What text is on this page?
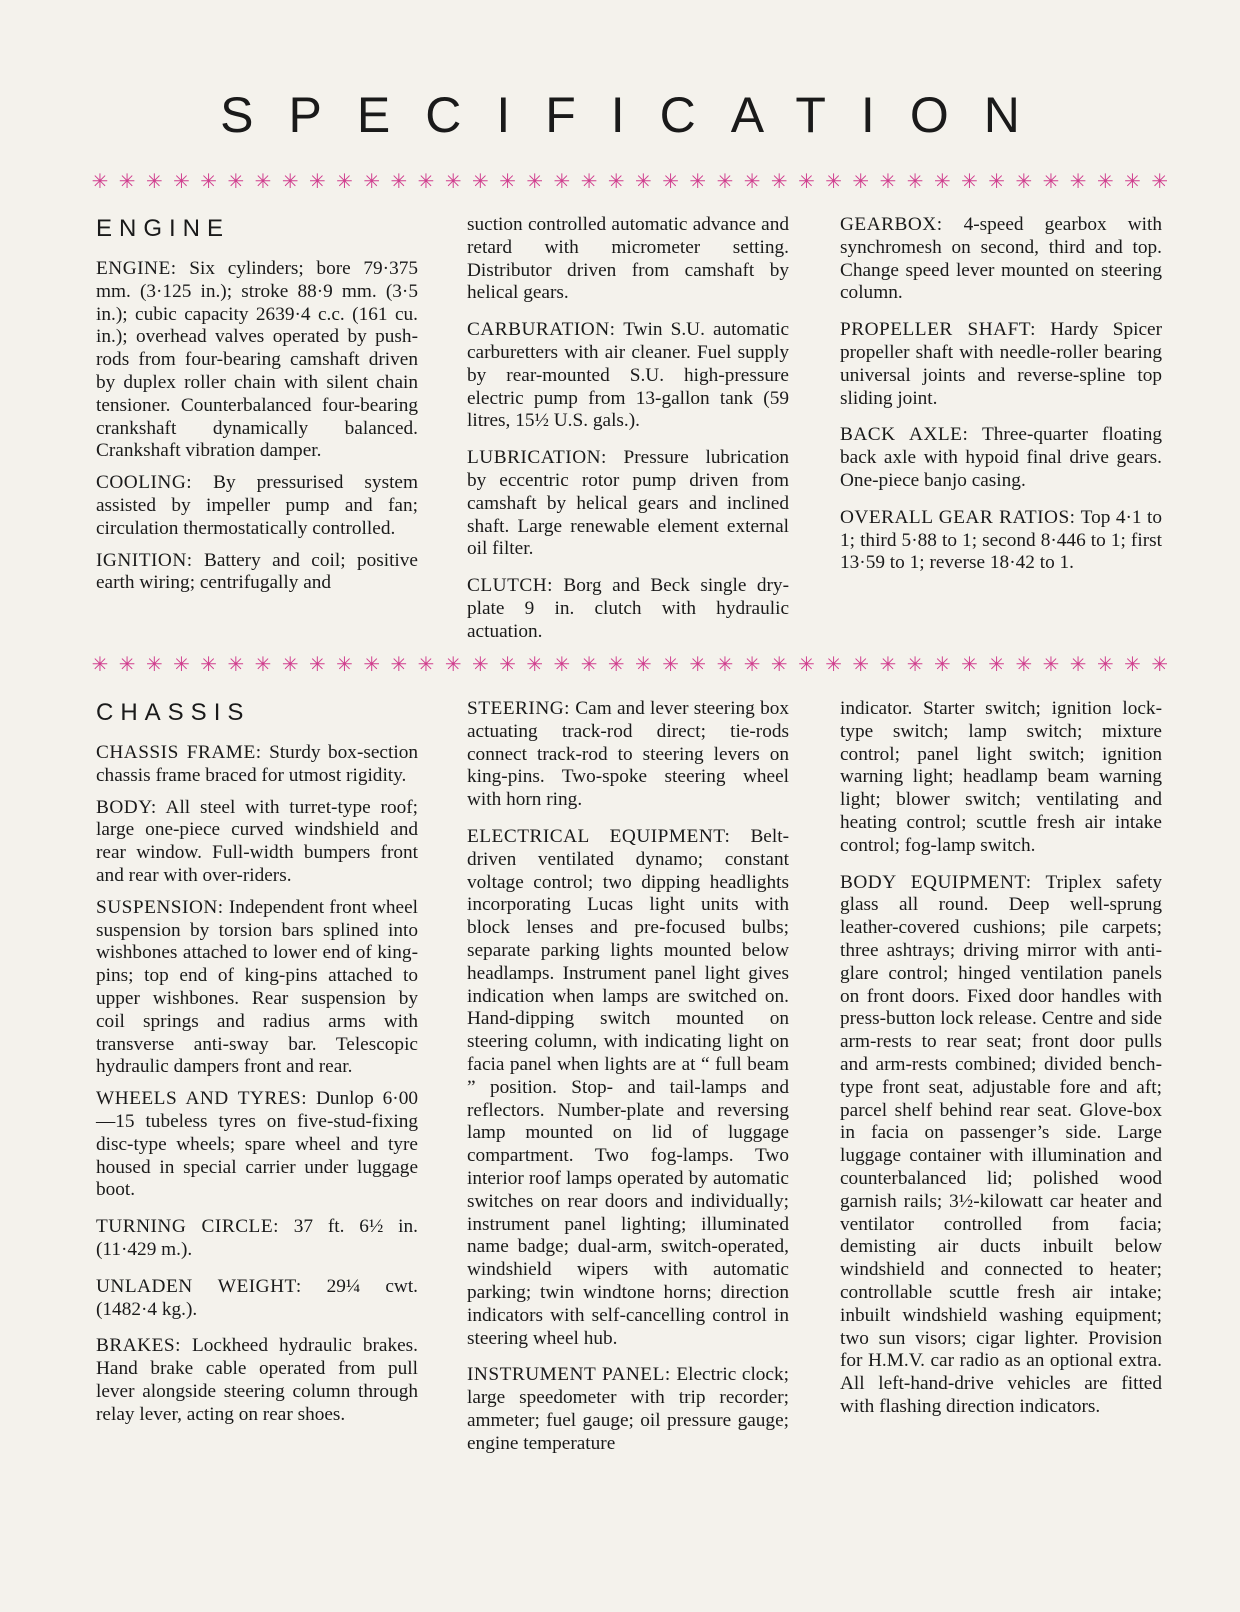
SPECIFICATION
✳ ✳ ✳ ✳ ✳ ✳ ✳ ✳ ✳ ✳ ✳ ✳ ✳ ✳ ✳ ✳ ✳ ✳ ✳ ✳ ✳ ✳ ✳ ✳ ✳ ✳ ✳ ✳ ✳ ✳ ✳ ✳ ✳ ✳ ✳ ✳ ✳ ✳ ✳ ✳
ENGINE

ENGINE: Six cylinders; bore 79·375 mm. (3·125 in.); stroke 88·9 mm. (3·5 in.); cubic capacity 2639·4 c.c. (161 cu. in.); overhead valves operated by push-rods from four-bearing camshaft driven by duplex roller chain with silent chain tensioner. Counterbalanced four-bearing crankshaft dynamically balanced. Crankshaft vibration damper.

COOLING: By pressurised system assisted by impeller pump and fan; circulation thermostatically controlled.

IGNITION: Battery and coil; positive earth wiring; centrifugally and

suction controlled automatic advance and retard with micrometer setting. Distributor driven from camshaft by helical gears.

CARBURATION: Twin S.U. automatic carburetters with air cleaner. Fuel supply by rear-mounted S.U. high-pressure electric pump from 13-gallon tank (59 litres, 15½ U.S. gals.).

LUBRICATION: Pressure lubrication by eccentric rotor pump driven from camshaft by helical gears and inclined shaft. Large renewable element external oil filter.

CLUTCH: Borg and Beck single dry-plate 9 in. clutch with hydraulic actuation.

GEARBOX: 4-speed gearbox with synchromesh on second, third and top. Change speed lever mounted on steering column.

PROPELLER SHAFT: Hardy Spicer propeller shaft with needle-roller bearing universal joints and reverse-spline top sliding joint.

BACK AXLE: Three-quarter floating back axle with hypoid final drive gears. One-piece banjo casing.

OVERALL GEAR RATIOS: Top 4·1 to 1; third 5·88 to 1; second 8·446 to 1; first 13·59 to 1; reverse 18·42 to 1.

✳ ✳ ✳ ✳ ✳ ✳ ✳ ✳ ✳ ✳ ✳ ✳ ✳ ✳ ✳ ✳ ✳ ✳ ✳ ✳ ✳ ✳ ✳ ✳ ✳ ✳ ✳ ✳ ✳ ✳ ✳ ✳ ✳ ✳ ✳ ✳ ✳ ✳ ✳ ✳
CHASSIS

CHASSIS FRAME: Sturdy box-section chassis frame braced for utmost rigidity.

BODY: All steel with turret-type roof; large one-piece curved windshield and rear window. Full-width bumpers front and rear with over-riders.

SUSPENSION: Independent front wheel suspension by torsion bars splined into wishbones attached to lower end of king-pins; top end of king-pins attached to upper wishbones. Rear suspension by coil springs and radius arms with transverse anti-sway bar. Telescopic hydraulic dampers front and rear.

WHEELS AND TYRES: Dunlop 6·00—15 tubeless tyres on five-stud-fixing disc-type wheels; spare wheel and tyre housed in special carrier under luggage boot.

TURNING CIRCLE: 37 ft. 6½ in. (11·429 m.).

UNLADEN WEIGHT: 29¼ cwt. (1482·4 kg.).

BRAKES: Lockheed hydraulic brakes. Hand brake cable operated from pull lever alongside steering column through relay lever, acting on rear shoes.

STEERING: Cam and lever steering box actuating track-rod direct; tie-rods connect track-rod to steering levers on king-pins. Two-spoke steering wheel with horn ring.

ELECTRICAL EQUIPMENT: Belt-driven ventilated dynamo; constant voltage control; two dipping headlights incorporating Lucas light units with block lenses and pre-focused bulbs; separate parking lights mounted below headlamps. Instrument panel light gives indication when lamps are switched on. Hand-dipping switch mounted on steering column, with indicating light on facia panel when lights are at “ full beam ” position. Stop- and tail-lamps and reflectors. Number-plate and reversing lamp mounted on lid of luggage compartment. Two fog-lamps. Two interior roof lamps operated by automatic switches on rear doors and individually; instrument panel lighting; illuminated name badge; dual-arm, switch-operated, windshield wipers with automatic parking; twin windtone horns; direction indicators with self-cancelling control in steering wheel hub.

INSTRUMENT PANEL: Electric clock; large speedometer with trip recorder; ammeter; fuel gauge; oil pressure gauge; engine temperature

indicator. Starter switch; ignition lock-type switch; lamp switch; mixture control; panel light switch; ignition warning light; headlamp beam warning light; blower switch; ventilating and heating control; scuttle fresh air intake control; fog-lamp switch.

BODY EQUIPMENT: Triplex safety glass all round. Deep well-sprung leather-covered cushions; pile carpets; three ashtrays; driving mirror with anti-glare control; hinged ventilation panels on front doors. Fixed door handles with press-button lock release. Centre and side arm-rests to rear seat; front door pulls and arm-rests combined; divided bench-type front seat, adjustable fore and aft; parcel shelf behind rear seat. Glove-box in facia on passenger’s side. Large luggage container with illumination and counterbalanced lid; polished wood garnish rails; 3½-kilowatt car heater and ventilator controlled from facia; demisting air ducts inbuilt below windshield and connected to heater; controllable scuttle fresh air intake; inbuilt windshield washing equipment; two sun visors; cigar lighter. Provision for H.M.V. car radio as an optional extra. All left-hand-drive vehicles are fitted with flashing direction indicators.
